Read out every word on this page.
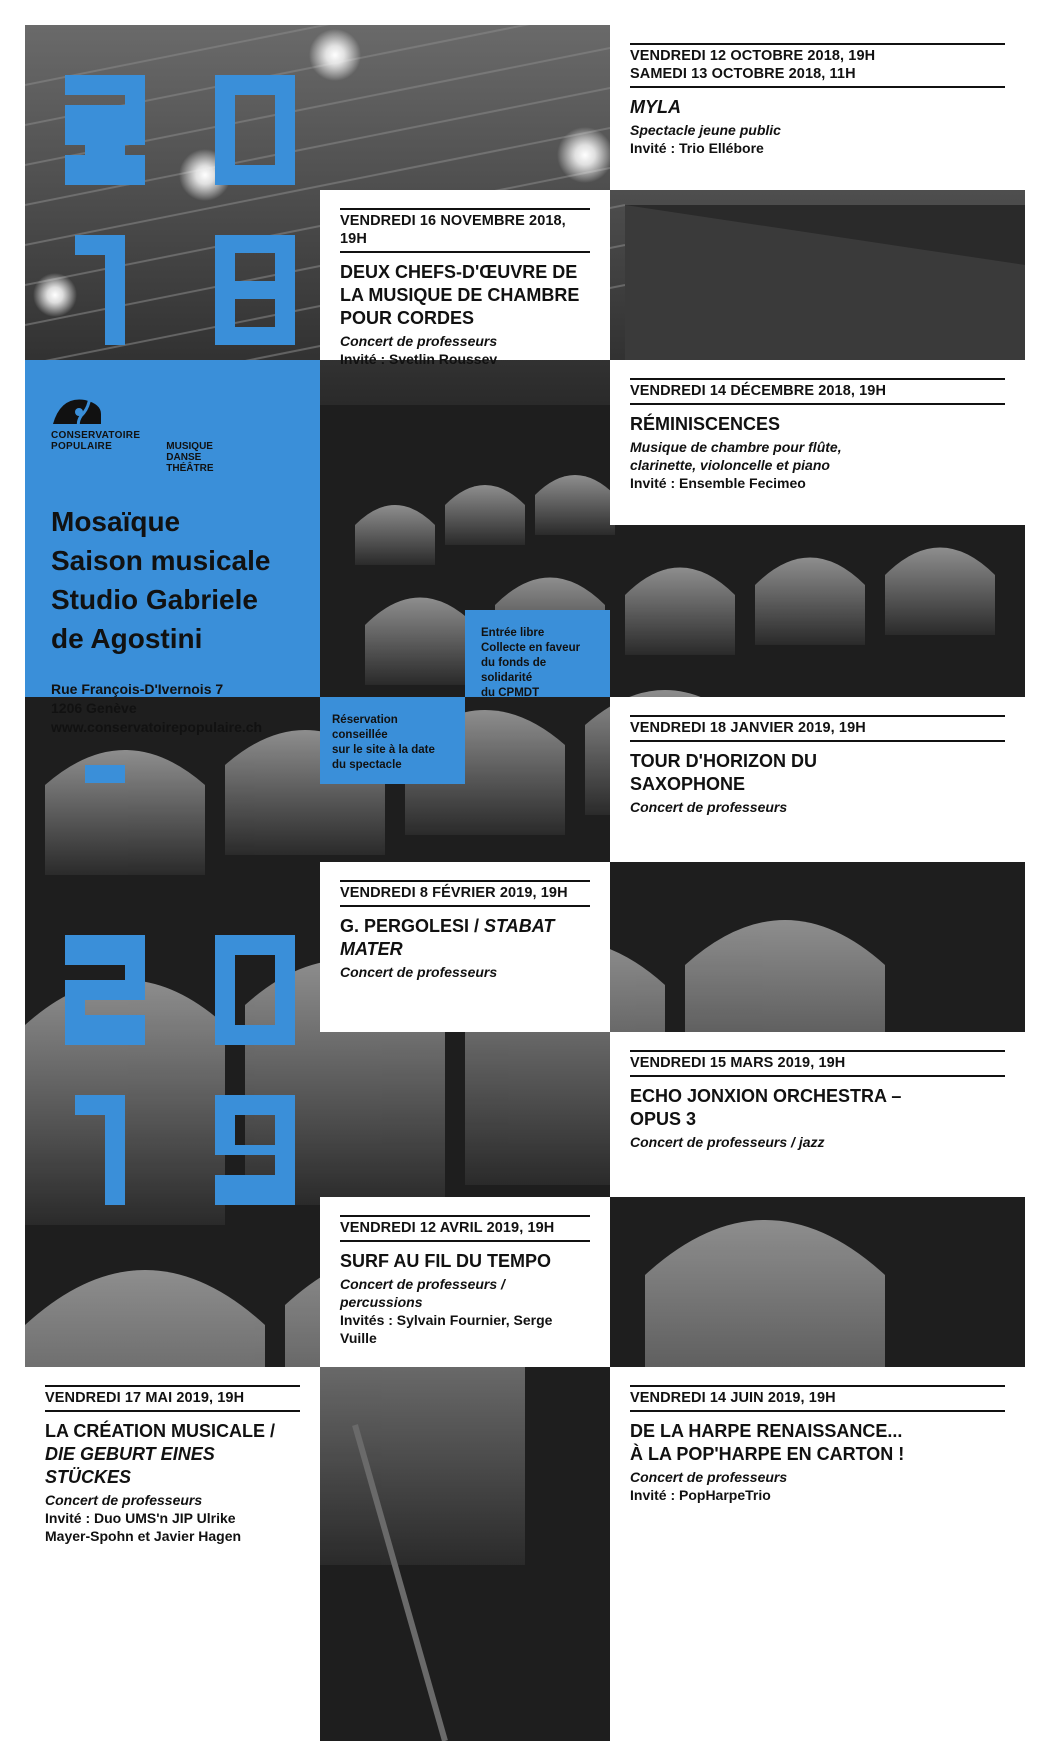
CONSERVATOIRE
POPULAIRE	MUSIQUE
DANSE
THÉÂTRE
Mosaïque
Saison musicale
Studio Gabriele
de Agostini
Rue François-D'Ivernois 7
1206 Genève
www.conservatoirepopulaire.ch
Entrée libre
Collecte en faveur
du fonds de solidarité
du CPMDT
Réservation conseillée
sur le site à la date
du spectacle
VENDREDI 12 OCTOBRE 2018, 19H
SAMEDI 13 OCTOBRE 2018, 11H
MYLA
Spectacle jeune public
Invité : Trio Ellébore
VENDREDI 16 NOVEMBRE 2018, 19H
DEUX CHEFS-D'ŒUVRE DE
LA MUSIQUE DE CHAMBRE
POUR CORDES
Concert de professeurs
Invité : Svetlin Roussev
VENDREDI 14 DÉCEMBRE 2018, 19H
RÉMINISCENCES
Musique de chambre pour flûte,
clarinette, violoncelle et piano
Invité : Ensemble Fecimeo
VENDREDI 18 JANVIER 2019, 19H
TOUR D'HORIZON DU
SAXOPHONE
Concert de professeurs
VENDREDI 8 FÉVRIER 2019, 19H
G. PERGOLESI / STABAT MATER
Concert de professeurs
VENDREDI 15 MARS 2019, 19H
ECHO JONXION ORCHESTRA –
OPUS 3
Concert de professeurs / jazz
VENDREDI 12 AVRIL 2019, 19H
SURF AU FIL DU TEMPO
Concert de professeurs / percussions
Invités : Sylvain Fournier, Serge Vuille
VENDREDI 17 MAI 2019, 19H
LA CRÉATION MUSICALE /
DIE GEBURT EINES STÜCKES
Concert de professeurs
Invité : Duo UMS'n JIP Ulrike
Mayer-Spohn et Javier Hagen
VENDREDI 14 JUIN 2019, 19H
DE LA HARPE RENAISSANCE...
À LA POP'HARPE EN CARTON !
Concert de professeurs
Invité : PopHarpeTrio
